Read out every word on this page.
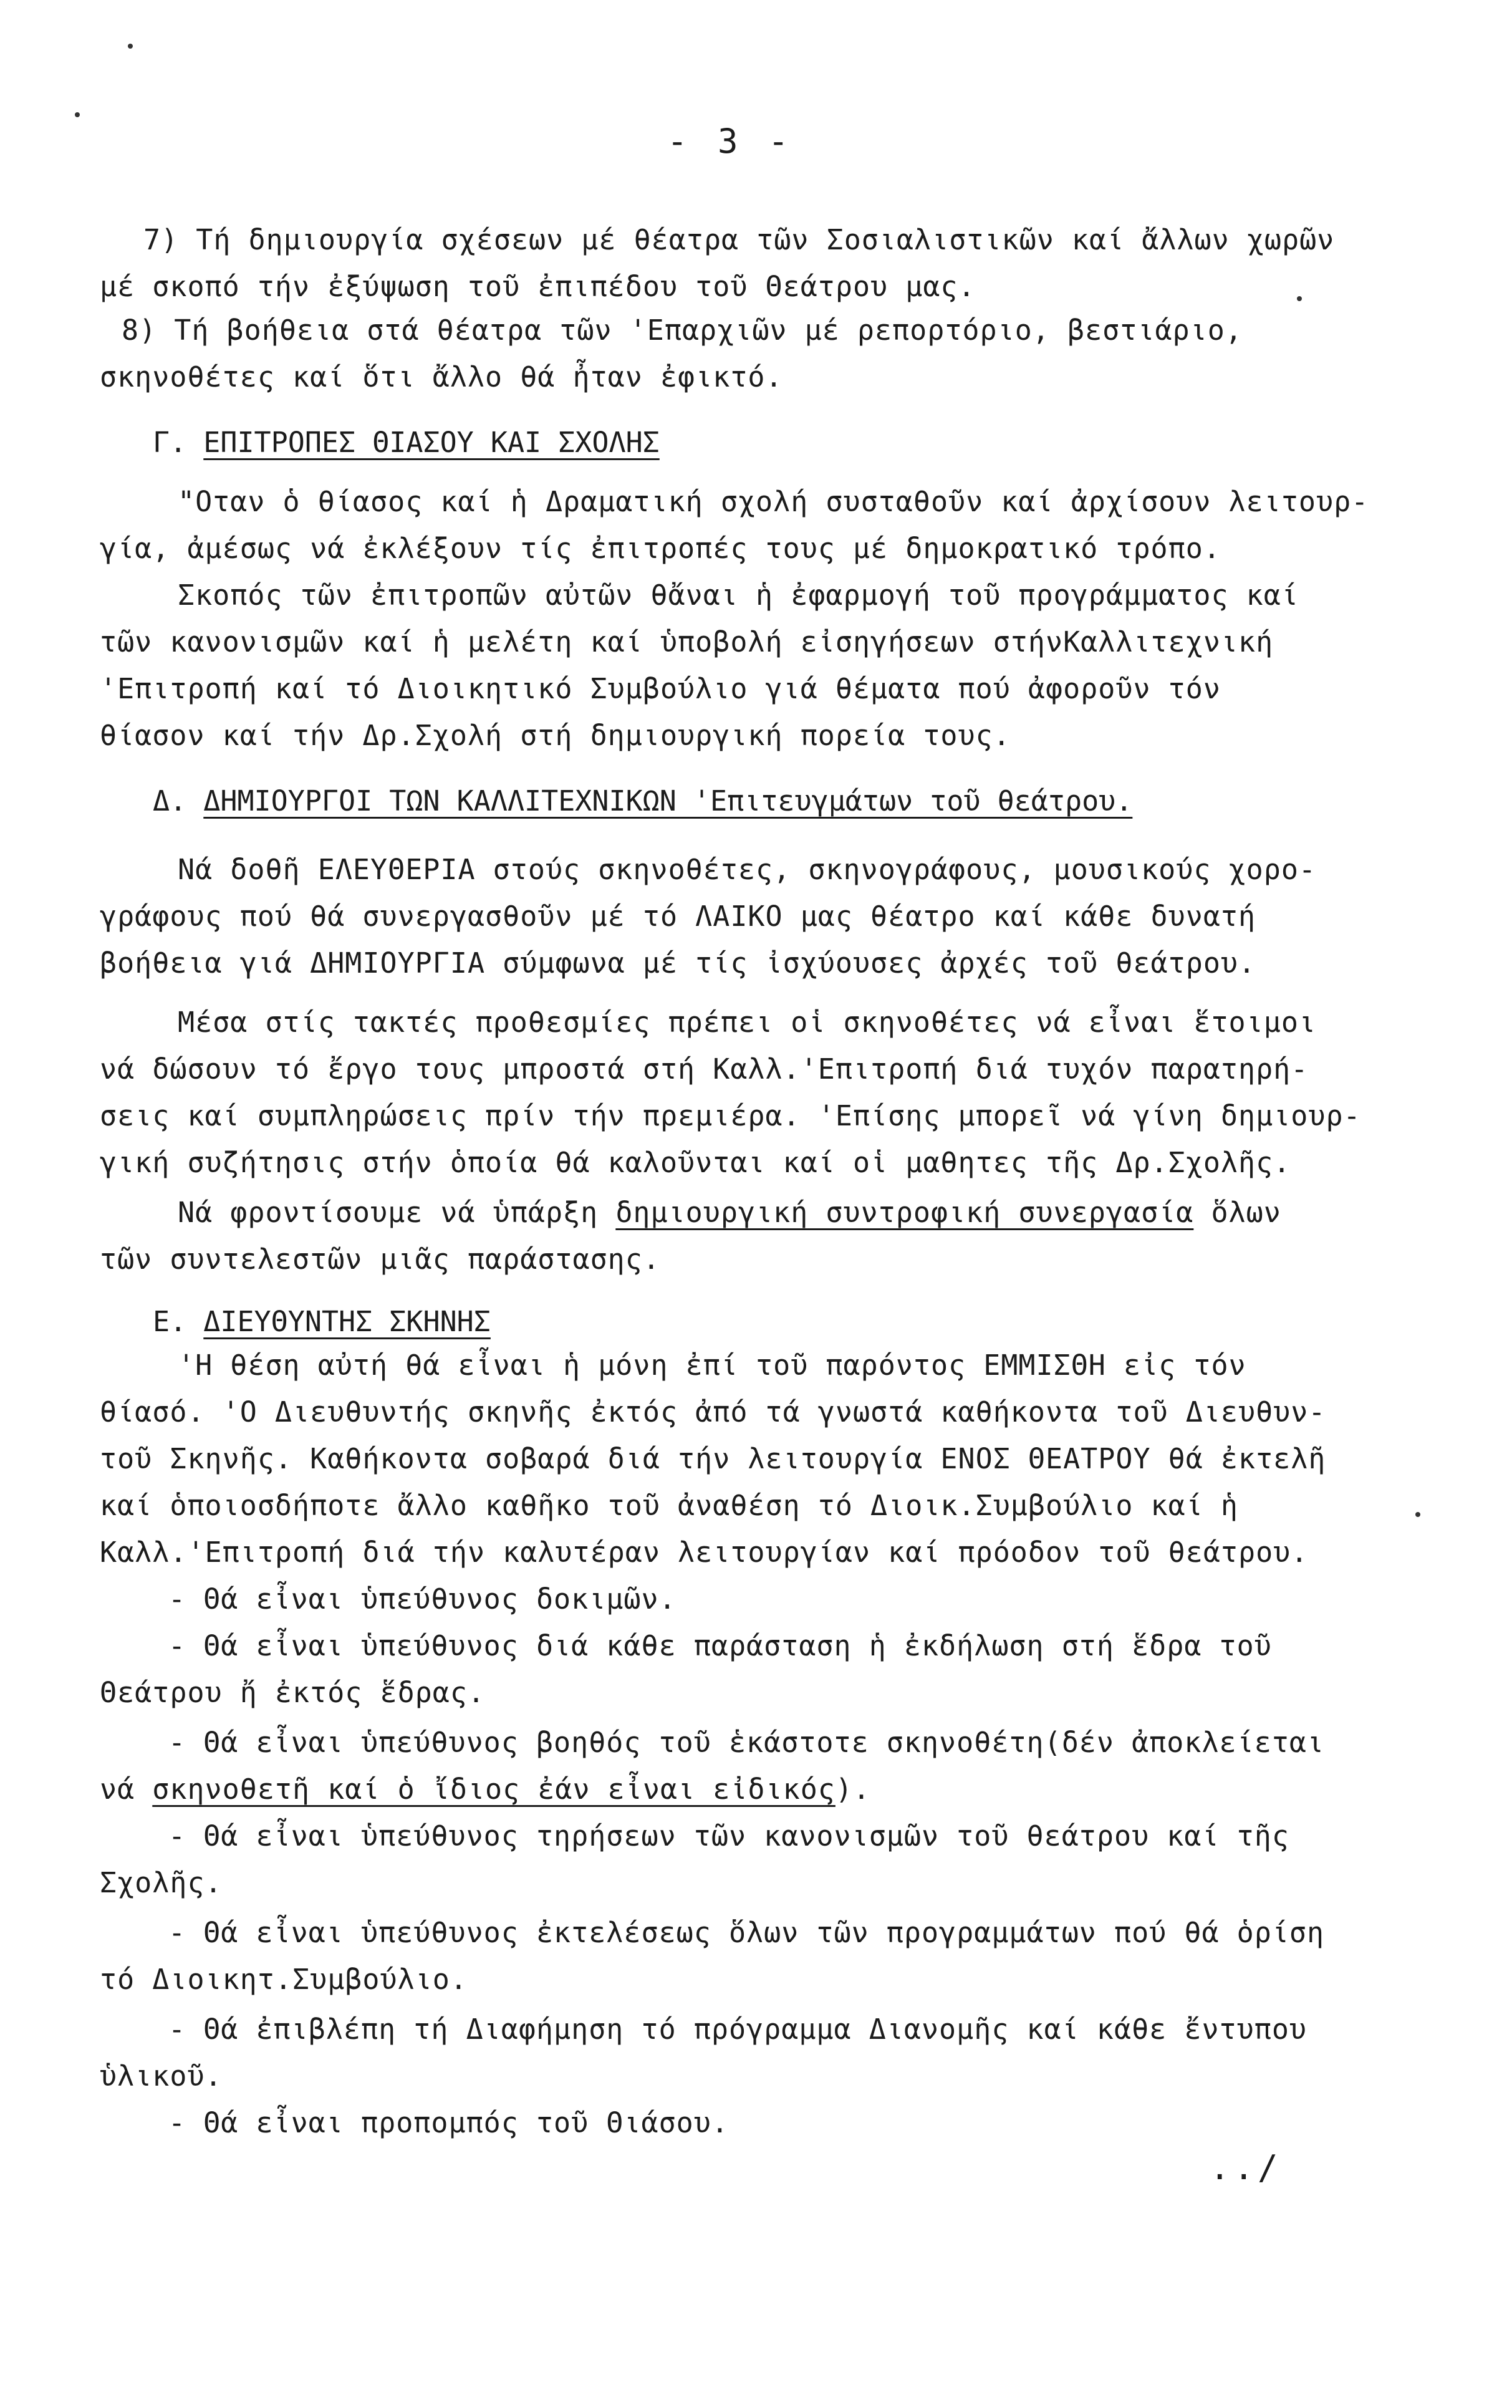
- 3 -
7) Τή δημιουργία σχέσεων μέ θέατρα τῶν Σοσιαλιστικῶν καί ἄλλων χωρῶν
μέ σκοπό τήν ἐξύψωση τοῦ ἐπιπέδου τοῦ Θεάτρου μας.
8) Τή βοήθεια στά θέατρα τῶν 'Επαρχιῶν μέ ρεπορτόριο, βεστιάριο,
σκηνοθέτες καί ὅτι ἄλλο θά ἦταν ἐφικτό.
Γ. ΕΠΙΤΡΟΠΕΣ ΘΙΑΣΟΥ ΚΑΙ ΣΧΟΛΗΣ
"Οταν ὁ θίασος καί ἡ Δραματική σχολή συσταθοῦν καί ἀρχίσουν λειτουρ-
γία, ἀμέσως νά ἐκλέξουν τίς ἐπιτροπές τους μέ δημοκρατικό τρόπο.
Σκοπός τῶν ἐπιτροπῶν αὐτῶν θἄναι ἡ ἐφαρμογή τοῦ προγράμματος καί
τῶν κανονισμῶν καί ἡ μελέτη καί ὑποβολή εἰσηγήσεων στήνΚαλλιτεχνική
'Επιτροπή καί τό Διοικητικό Συμβούλιο γιά θέματα πού ἀφοροῦν τόν
θίασον καί τήν Δρ.Σχολή στή δημιουργική πορεία τους.
Δ. ΔΗΜΙΟΥΡΓΟΙ ΤΩΝ ΚΑΛΛΙΤΕΧΝΙΚΩΝ 'Επιτευγμάτων τοῦ θεάτρου.
Νά δοθῆ ΕΛΕΥΘΕΡΙΑ στούς σκηνοθέτες, σκηνογράφους, μουσικούς χορο-
γράφους πού θά συνεργασθοῦν μέ τό ΛΑΙΚΟ μας θέατρο καί κάθε δυνατή
βοήθεια γιά ΔΗΜΙΟΥΡΓΙΑ σύμφωνα μέ τίς ἰσχύουσες ἀρχές τοῦ θεάτρου.
Μέσα στίς τακτές προθεσμίες πρέπει οἱ σκηνοθέτες νά εἶναι ἕτοιμοι
νά δώσουν τό ἔργο τους μπροστά στή Καλλ.'Επιτροπή διά τυχόν παρατηρή-
σεις καί συμπληρώσεις πρίν τήν πρεμιέρα. 'Επίσης μπορεῖ νά γίνη δημιουρ-
γική συζήτησις στήν ὁποία θά καλοῦνται καί οἱ μαθητες τῆς Δρ.Σχολῆς.
Νά φροντίσουμε νά ὑπάρξη δημιουργική συντροφική συνεργασία ὅλων
τῶν συντελεστῶν μιᾶς παράστασης.
Ε. ΔΙΕΥΘΥΝΤΗΣ ΣΚΗΝΗΣ
'Η θέση αὐτή θά εἶναι ἡ μόνη ἐπί τοῦ παρόντος ΕΜΜΙΣΘΗ εἰς τόν
θίασό. 'Ο Διευθυντής σκηνῆς ἐκτός ἀπό τά γνωστά καθήκοντα τοῦ Διευθυν-
τοῦ Σκηνῆς. Καθήκοντα σοβαρά διά τήν λειτουργία ΕΝΟΣ ΘΕΑΤΡΟΥ θά ἐκτελῆ
καί ὁποιοσδήποτε ἄλλο καθῆκο τοῦ ἀναθέση τό Διοικ.Συμβούλιο καί ἡ
Καλλ.'Επιτροπή διά τήν καλυτέραν λειτουργίαν καί πρόοδον τοῦ θεάτρου.
- Θά εἶναι ὑπεύθυνος δοκιμῶν.
- Θά εἶναι ὑπεύθυνος διά κάθε παράσταση ἡ ἐκδήλωση στή ἕδρα τοῦ
Θεάτρου ἤ ἐκτός ἕδρας.
- Θά εἶναι ὑπεύθυνος βοηθός τοῦ ἑκάστοτε σκηνοθέτη(δέν ἀποκλείεται
νά σκηνοθετῆ καί ὁ ἴδιος ἐάν εἶναι εἰδικός).
- Θά εἶναι ὑπεύθυνος τηρήσεων τῶν κανονισμῶν τοῦ θεάτρου καί τῆς
Σχολῆς.
- Θά εἶναι ὑπεύθυνος ἐκτελέσεως ὅλων τῶν προγραμμάτων πού θά ὁρίση
τό Διοικητ.Συμβούλιο.
- Θά ἐπιβλέπη τή Διαφήμηση τό πρόγραμμα Διανομῆς καί κάθε ἔντυπου
ὑλικοῦ.
- Θά εἶναι προπομπός τοῦ Θιάσου.
../
